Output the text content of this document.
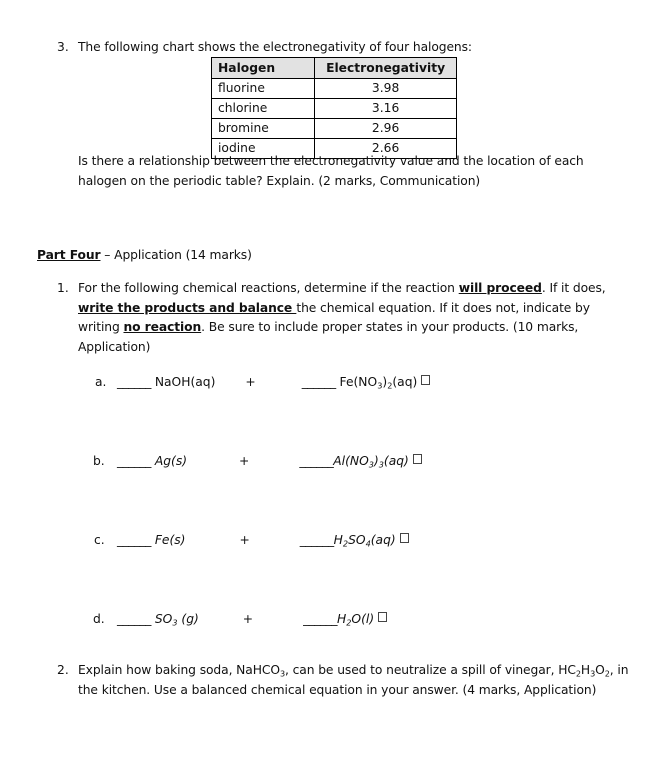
3. The following chart shows the electronegativity of four halogens:
Halogen	Electronegativity
fluorine	3.98
chlorine	3.16
bromine	2.96
iodine	2.66
Is there a relationship between the electronegativity value and the location of each halogen on the periodic table? Explain. (2 marks, Communication)
Part Four – Application (14 marks)
1. For the following chemical reactions, determine if the reaction will proceed. If it does, write the products and balance the chemical equation. If it does not, indicate by writing no reaction. Be sure to include proper states in your products. (10 marks, Application)
a. ______ NaOH(aq) +	______ $Fe(NO_3)_2(aq)$
b. ______ Ag(s)	+	$\_\_\_\_\_\_Al(NO_3)_3(aq)$
c. ______ Fe(s)	+	$\_\_\_\_\_\_H_2SO_4(aq)$
d. ______ $SO_3$ (g)	+	$\_\_\_\_\_\_H_2O(l)$
2. Explain how baking soda, NaHCO$_3$, can be used to neutralize a spill of vinegar, $HC_2H_3O_2$, in the kitchen. Use a balanced chemical equation in your answer. (4 marks, Application)
